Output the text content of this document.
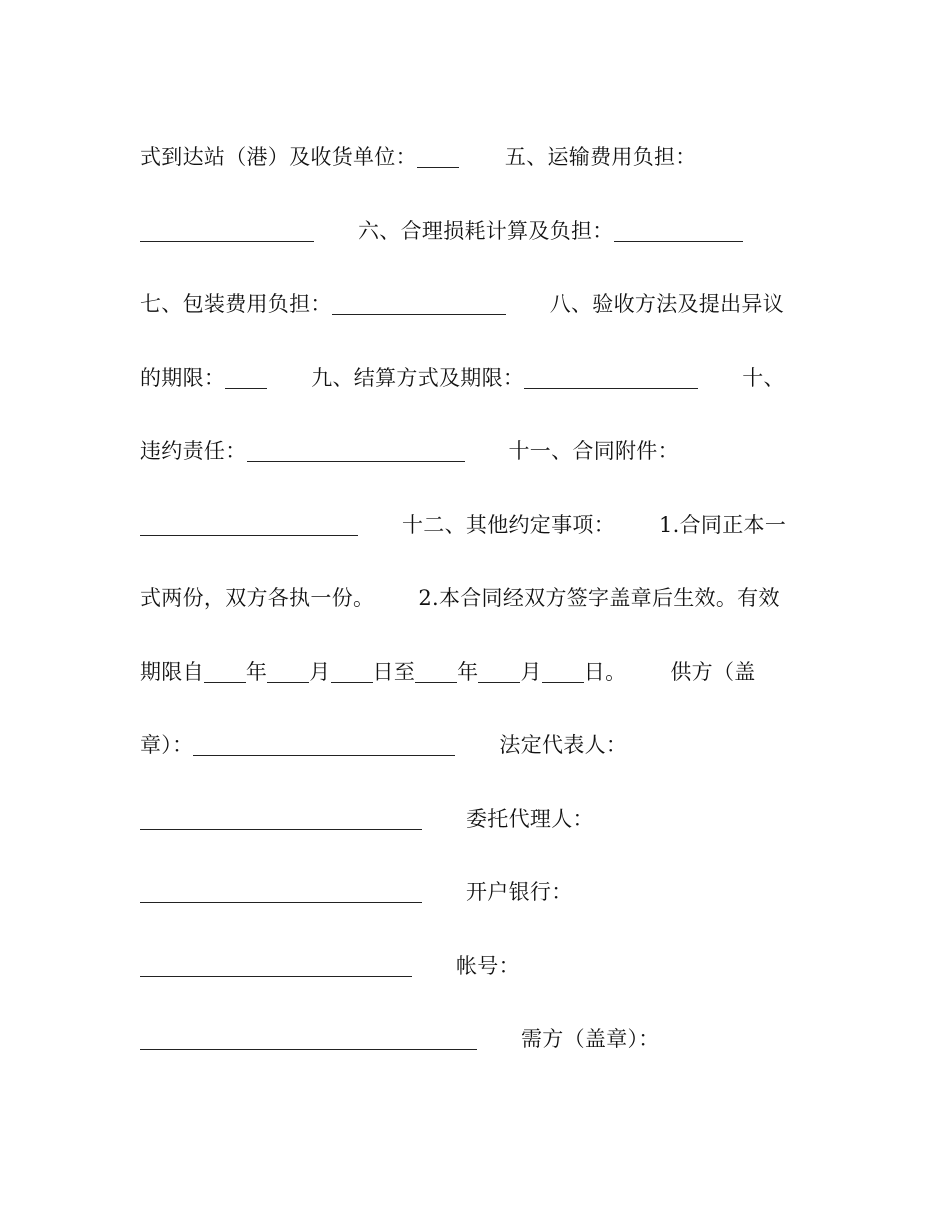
式到达站（港）及收货单位：	五、运输费用负担：
六、合理损耗计算及负担：
七、包装费用负担：	八、验收方法及提出异议
的期限：	九、结算方式及期限：	十、
违约责任：	十一、合同附件：
十二、其他约定事项： 1.合同正本一
式两份，双方各执一份。 2.本合同经双方签字盖章后生效。有效
期限自 年 月 日至 年 月 日。 供方（盖
章）：	法定代表人：
委托代理人：
开户银行：
帐号：
需方（盖章）：
